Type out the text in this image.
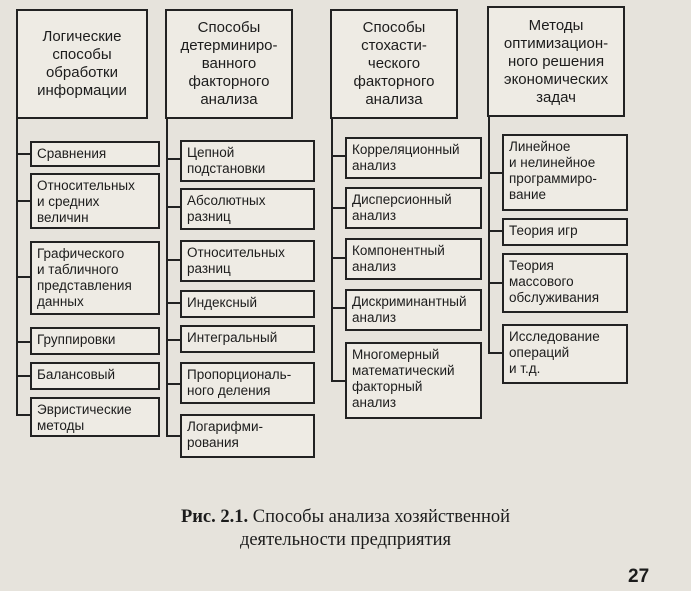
Логические
способы
обработки
информации
Сравнения
Относительных
и средних
величин
Графического
и табличного
представления
данных
Группировки
Балансовый
Эвристические
методы
Способы
детерминиро-
ванного
факторного
анализа
Цепной
подстановки
Абсолютных
разниц
Относительных
разниц
Индексный
Интегральный
Пропорциональ-
ного деления
Логарифми-
рования
Способы
стохасти-
ческого
факторного
анализа
Корреляционный
анализ
Дисперсионный
анализ
Компонентный
анализ
Дискриминантный
анализ
Многомерный
математический
факторный
анализ
Методы
оптимизацион-
ного решения
экономических
задач
Линейное
и нелинейное
программиро-
вание
Теория игр
Теория
массового
обслуживания
Исследование
операций
и т.д.
Рис. 2.1. Способы анализа хозяйственной
деятельности предприятия
27
